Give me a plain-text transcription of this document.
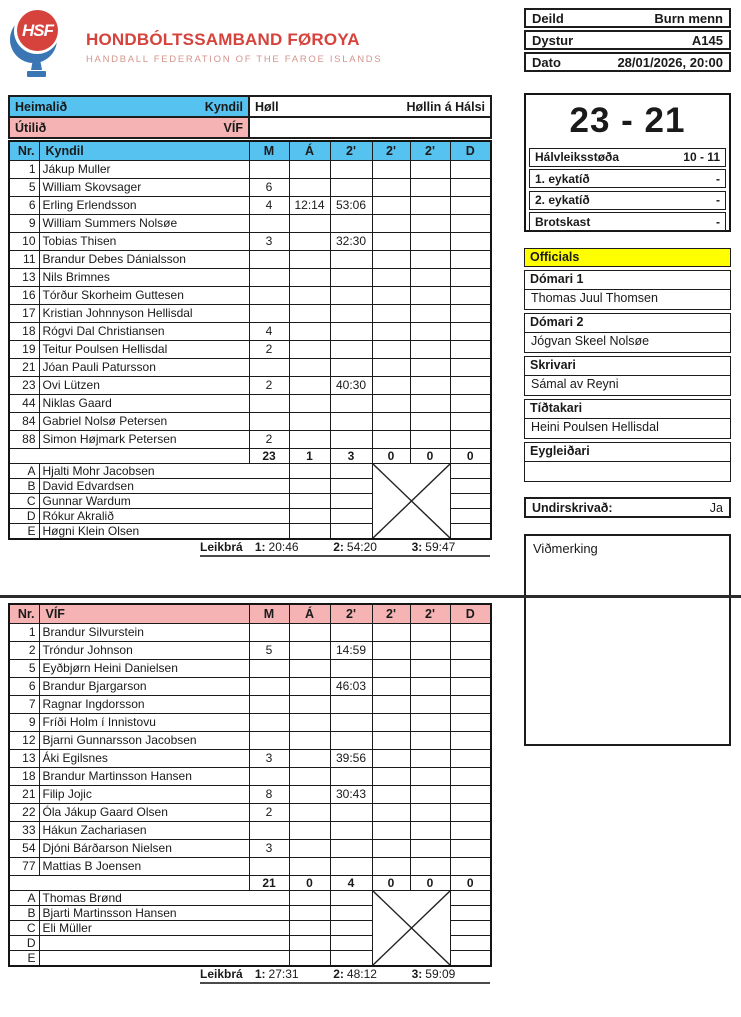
HSF HONDBÓLTSSAMBAND FØROYA
HANDBALL FEDERATION OF THE FAROE ISLANDS
Deild	Burn menn
Dystur	A145
Dato	28/01/2026, 20:00
Heimalið Kyndil	Høll Høllin á Hálsi

Útilið VÍF	

	23 - 21
Hálvleiksstøða	10 - 11
1. eykatíð	-
2. eykatíð	-
Brotskast	-
Officials
Dómari 1
Thomas Juul Thomsen
Dómari 2
Jógvan Skeel Nolsøe
Skrivari
Sámal av Reyni
Tíðtakari
Heini Poulsen Hellisdal
Eygleiðari
Undirskrivað:	Ja
Viðmerking
Nr.	Kyndil	M	Á	2'	2'	2'	D
1	Jákup Muller						
5	William Skovsager	6					
6	Erling Erlendsson	4	12:14	53:06			
9	William Summers Nolsøe						
10	Tobias Thisen	3		32:30			
11	Brandur Debes Dánialsson						
13	Nils Brimnes						
16	Tórður Skorheim Guttesen						
17	Kristian Johnnyson Hellisdal						
18	Rógvi Dal Christiansen	4					
19	Teitur Poulsen Hellisdal	2					
21	Jóan Pauli Patursson						
23	Ovi Lützen	2		40:30			
44	Niklas Gaard						
84	Gabriel Nolsø Petersen						
88	Simon Højmark Petersen	2					
		23	1	3	0	0	0
A	Hjalti Mohr Jacobsen			

B	David Edvardsen						
C	Gunnar Wardum						
D	Rókur Akralið						
E	Høgni Klein Olsen						
Leikbrá	1: 20:46	2: 54:20	3: 59:47
Nr.	VÍF	M	Á	2'	2'	2'	D
1	Brandur Silvurstein						
2	Tróndur Johnson	5		14:59			
5	Eyðbjørn Heini Danielsen						
6	Brandur Bjargarson			46:03			
7	Ragnar Ingdorsson						
9	Fríði Holm í Innistovu						
12	Bjarni Gunnarsson Jacobsen						
13	Áki Egilsnes	3		39:56			
18	Brandur Martinsson Hansen						
21	Filip Jojic	8		30:43			
22	Óla Jákup Gaard Olsen	2					
33	Hákun Zachariasen						
54	Djóni Bárðarson Nielsen	3					
77	Mattias B Joensen						
		21	0	4	0	0	0
A	Thomas Brønd			

B	Bjarti Martinsson Hansen						
C	Eli Müller						
D							
E							
Leikbrá	1: 27:31	2: 48:12	3: 59:09
